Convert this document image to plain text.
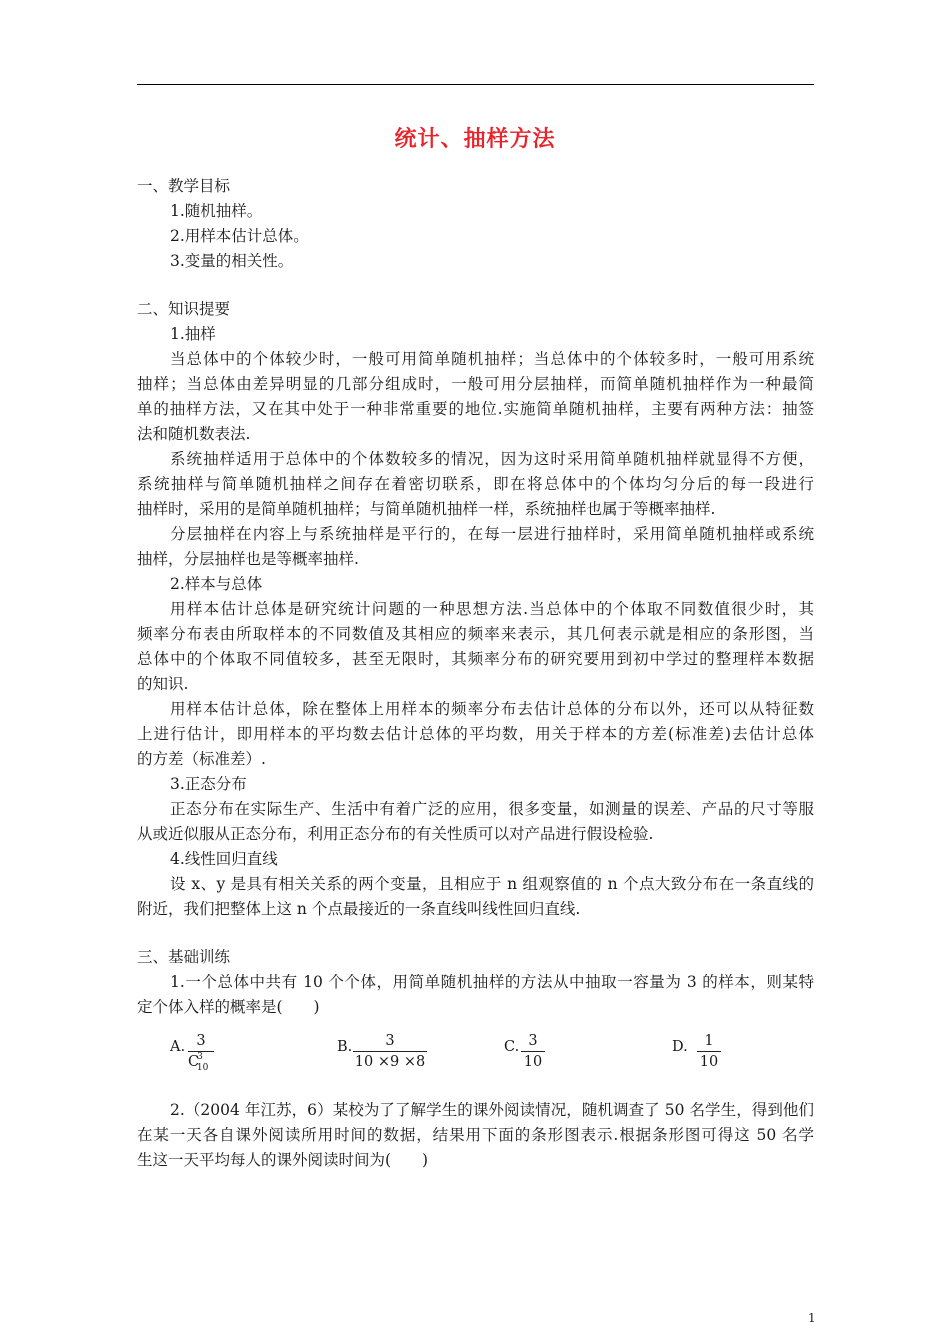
统计、抽样方法
一、教学目标
1.随机抽样。
2.用样本估计总体。
3.变量的相关性。
二、知识提要
1.抽样
当总体中的个体较少时，一般可用简单随机抽样；当总体中的个体较多时，一般可用系统
抽样；当总体由差异明显的几部分组成时，一般可用分层抽样，而简单随机抽样作为一种最简
单的抽样方法，又在其中处于一种非常重要的地位.实施简单随机抽样，主要有两种方法：抽签
法和随机数表法.
系统抽样适用于总体中的个体数较多的情况，因为这时采用简单随机抽样就显得不方便，
系统抽样与简单随机抽样之间存在着密切联系，即在将总体中的个体均匀分后的每一段进行
抽样时，采用的是简单随机抽样；与简单随机抽样一样，系统抽样也属于等概率抽样.
分层抽样在内容上与系统抽样是平行的，在每一层进行抽样时，采用简单随机抽样或系统
抽样，分层抽样也是等概率抽样.
2.样本与总体
用样本估计总体是研究统计问题的一种思想方法.当总体中的个体取不同数值很少时，其
频率分布表由所取样本的不同数值及其相应的频率来表示，其几何表示就是相应的条形图，当
总体中的个体取不同值较多，甚至无限时，其频率分布的研究要用到初中学过的整理样本数据
的知识.
用样本估计总体，除在整体上用样本的频率分布去估计总体的分布以外，还可以从特征数
上进行估计，即用样本的平均数去估计总体的平均数，用关于样本的方差(标准差)去估计总体
的方差（标准差）.
3.正态分布
正态分布在实际生产、生活中有着广泛的应用，很多变量，如测量的误差、产品的尺寸等服
从或近似服从正态分布，利用正态分布的有关性质可以对产品进行假设检验.
4.线性回归直线
设 x、y 是具有相关关系的两个变量，且相应于 n 组观察值的 n 个点大致分布在一条直线的
附近，我们把整体上这 n 个点最接近的一条直线叫线性回归直线.
三、基础训练
1.一个总体中共有 10 个个体，用简单随机抽样的方法从中抽取一容量为 3 的样本，则某特
定个体入样的概率是(　　)
A. 3
$C^3_{10}$
B.	3
10 ×9 ×8
C. 3
10
D.	1
10
2.（2004 年江苏，6）某校为了了解学生的课外阅读情况，随机调查了 50 名学生，得到他们
在某一天各自课外阅读所用时间的数据，结果用下面的条形图表示.根据条形图可得这 50 名学
生这一天平均每人的课外阅读时间为(　　)
1
